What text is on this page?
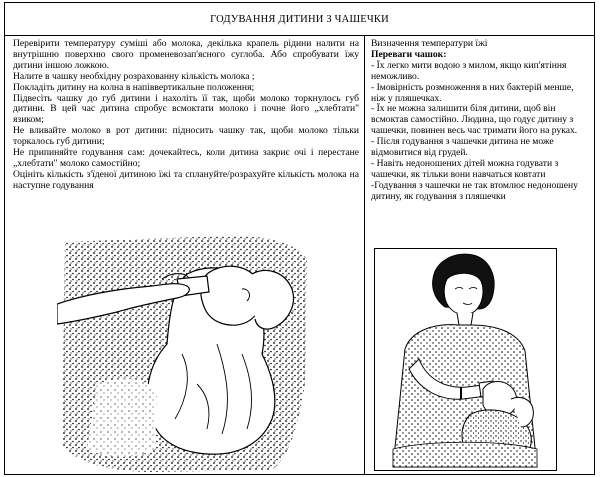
ГОДУВАННЯ ДИТИНИ З ЧАШЕЧКИ
Перевірити температуру суміші або молока, декілька крапель рідини налити на внутрішню поверхню свого променевозап'ясного суглоба. Або спробувати їжу дитини іншою ложкою.
Налите в чашку необхідну розрахованну кількість молока ;
Покладіть дитину на колна в напіввертикальне положення;
Підвесіть чашку до губ дитини і нахоліть її так, щоби молоко торкнулось губ дитини. В цей час дитина спробує всмоктати молоко і почне його „хлебтати" язиком;
Не вливайте молоко в рот дитини: підносить чашку так, щоби молоко тільки торкалось губ дитини;
Не припиняйте годування сам: дочекайтесь, коли дитина закриє очі і перестане „хлебтати" молоко самостійно;
Оцініть кількість з'їденої дитиною їжі та сплануйте/розрахуйте кількість молока на наступне годування
Визначення температури їжі
Переваги чашок:
- Їх легко мити водою з милом, якщо кип'ятіння неможливо.
- Імовірність розмноження в них бактерій менше, ніж у пляшечках.
- Їх не можна залишити біля дитини, щоб він всмоктав самостійно. Людина, що годує дитину з чашечки, повинен весь час тримати його на руках.
- Після годування з чашечки дитина не може відмовитися від грудей.
- Навіть недоношених дітей можна годувати з чашечки, як тільки вони навчаться ковтати
-Годування з чашечки не так втомлює недоношену дитину, як годування з пляшечки
